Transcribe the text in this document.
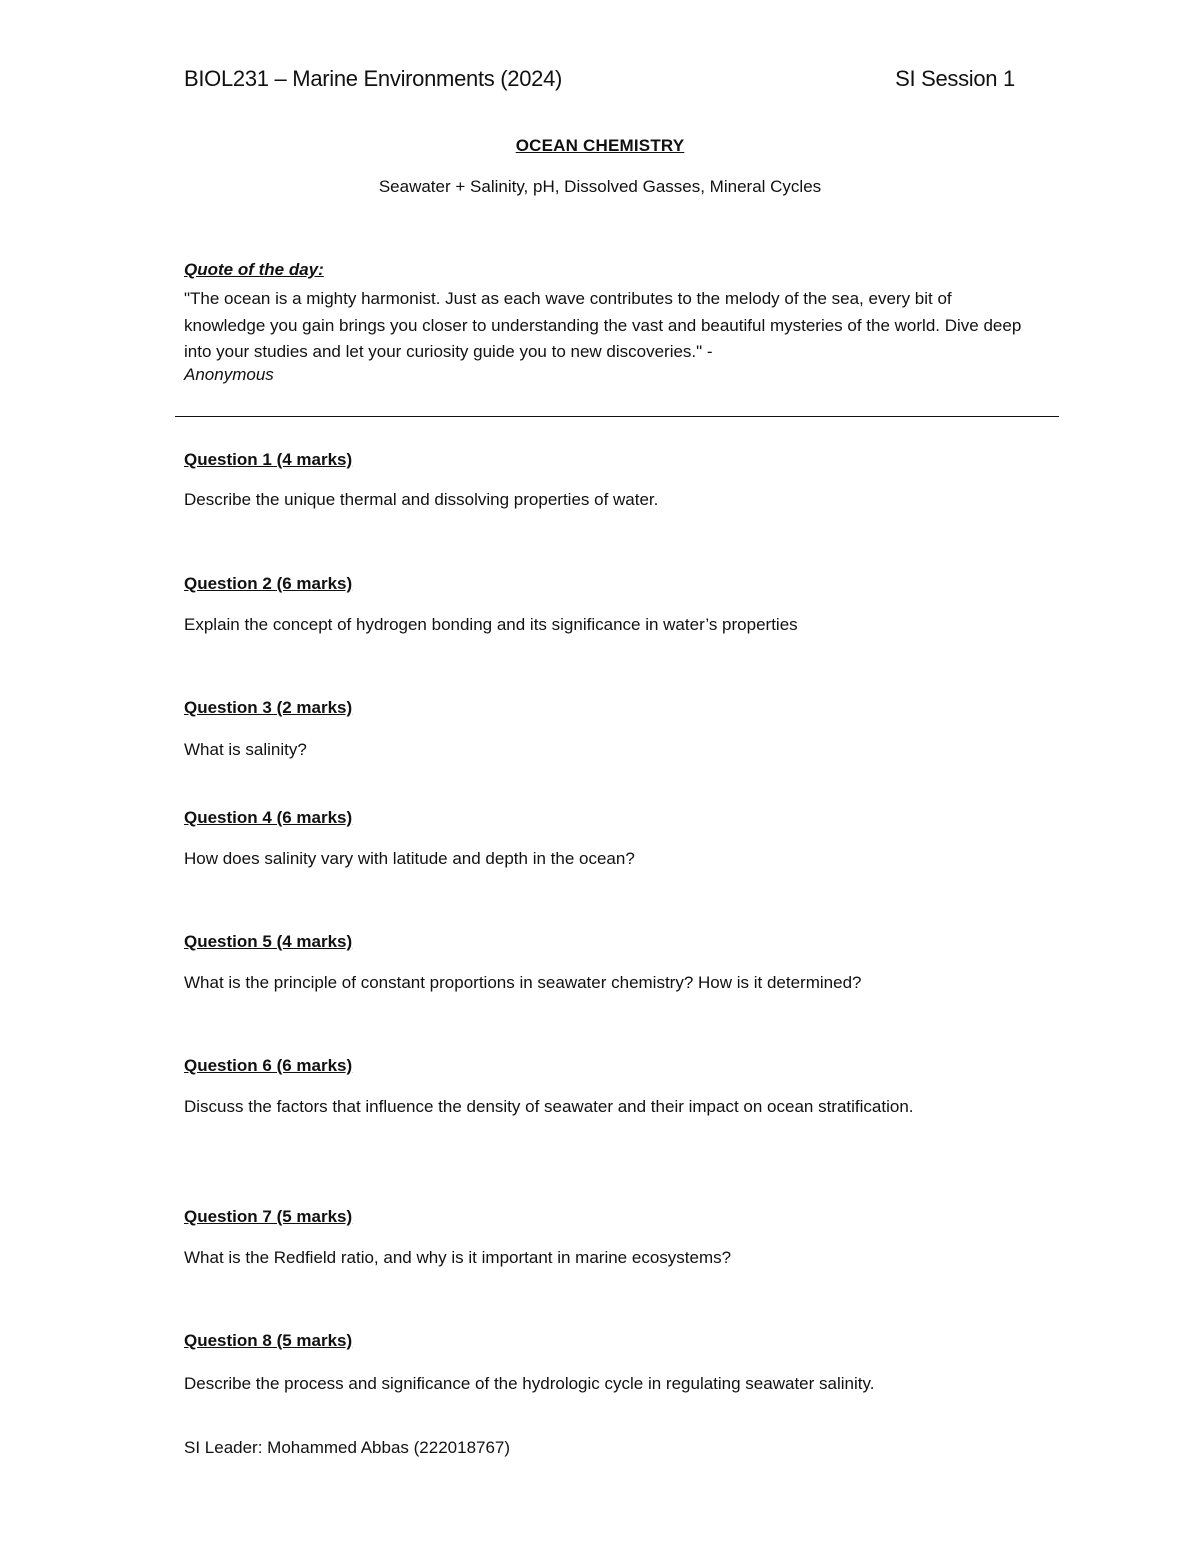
BIOL231 – Marine Environments (2024)	SI Session 1
OCEAN CHEMISTRY
Seawater + Salinity, pH, Dissolved Gasses, Mineral Cycles
Quote of the day:
"The ocean is a mighty harmonist. Just as each wave contributes to the melody of the sea, every bit of knowledge you gain brings you closer to understanding the vast and beautiful mysteries of the world. Dive deep into your studies and let your curiosity guide you to new discoveries." -
Anonymous
Question 1 (4 marks)
Describe the unique thermal and dissolving properties of water.
Question 2 (6 marks)
Explain the concept of hydrogen bonding and its significance in water’s properties
Question 3 (2 marks)
What is salinity?
Question 4 (6 marks)
How does salinity vary with latitude and depth in the ocean?
Question 5 (4 marks)
What is the principle of constant proportions in seawater chemistry? How is it determined?
Question 6 (6 marks)
Discuss the factors that influence the density of seawater and their impact on ocean stratification.
Question 7 (5 marks)
What is the Redfield ratio, and why is it important in marine ecosystems?
Question 8 (5 marks)
Describe the process and significance of the hydrologic cycle in regulating seawater salinity.
SI Leader: Mohammed Abbas (222018767)
